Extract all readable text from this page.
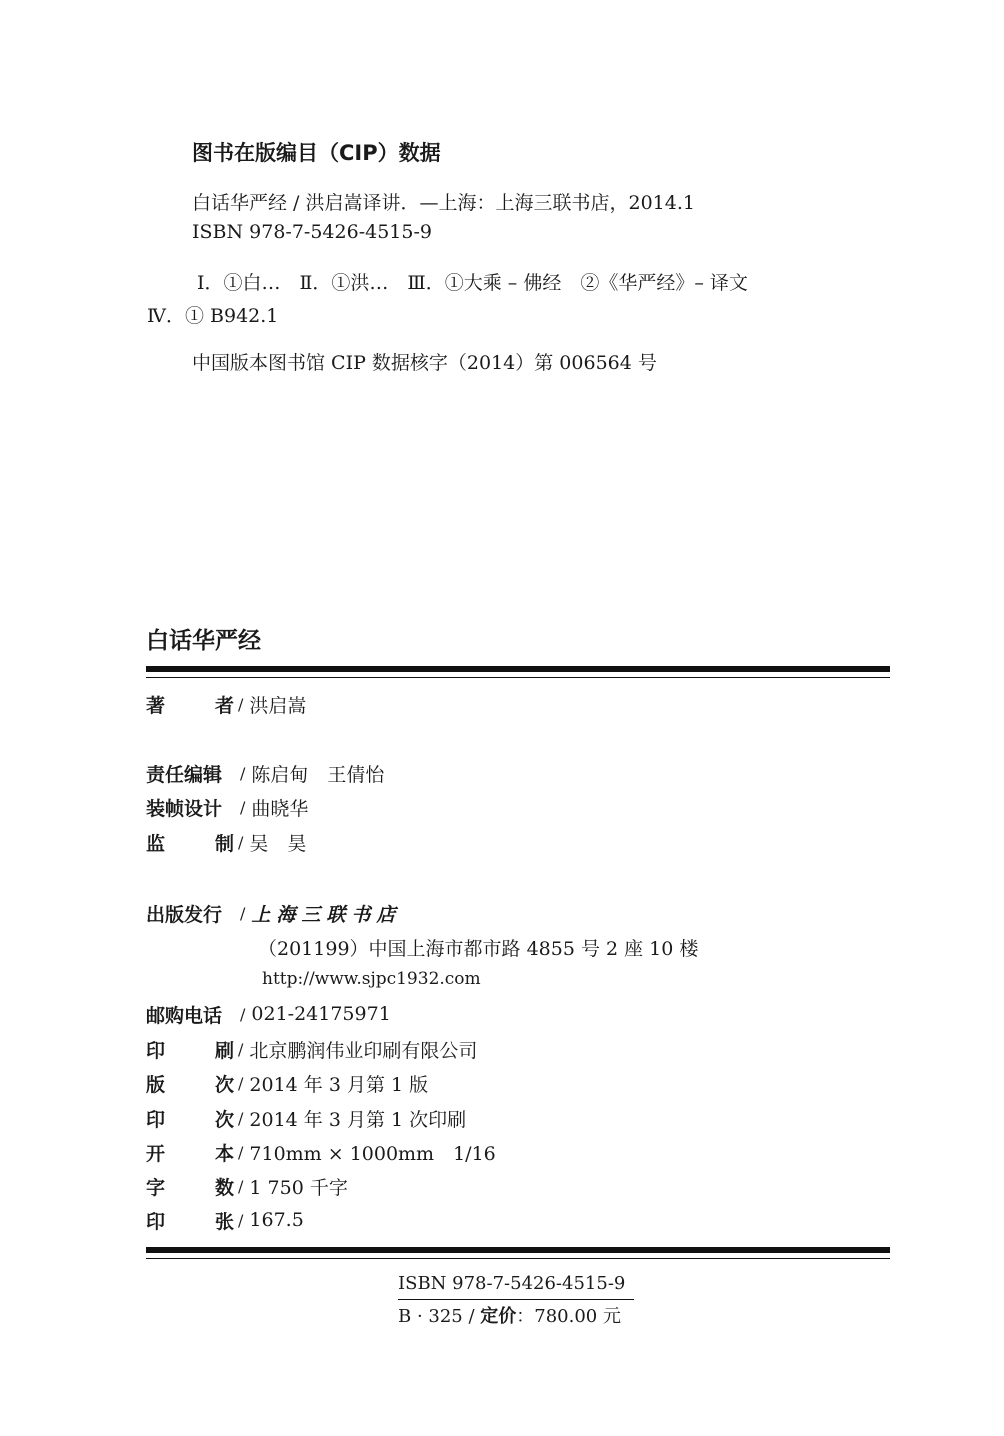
图书在版编目（CIP）数据
白话华严经 / 洪启嵩译讲．—上海：上海三联书店，2014.1
ISBN 978-7-5426-4515-9
Ⅰ．①白…　Ⅱ．①洪…　Ⅲ．①大乘 – 佛经　②《华严经》– 译文
Ⅳ．① B942.1
中国版本图书馆 CIP 数据核字（2014）第 006564 号
白话华严经
著	者 / 洪启嵩
责任编辑	/ 陈启甸　王倩怡
装帧设计	/ 曲晓华
监	制 / 吴　昊
出版发行	/ 上海三联书店
（201199）中国上海市都市路 4855 号 2 座 10 楼
http://www.sjpc1932.com
邮购电话	/ 021-24175971
印	刷 / 北京鹏润伟业印刷有限公司
版	次 / 2014 年 3 月第 1 版
印	次 / 2014 年 3 月第 1 次印刷
开	本 / 710mm × 1000mm　1/16
字	数 / 1 750 千字
印	张 / 167.5
ISBN 978-7-5426-4515-9
B · 325 / 定价：780.00 元
